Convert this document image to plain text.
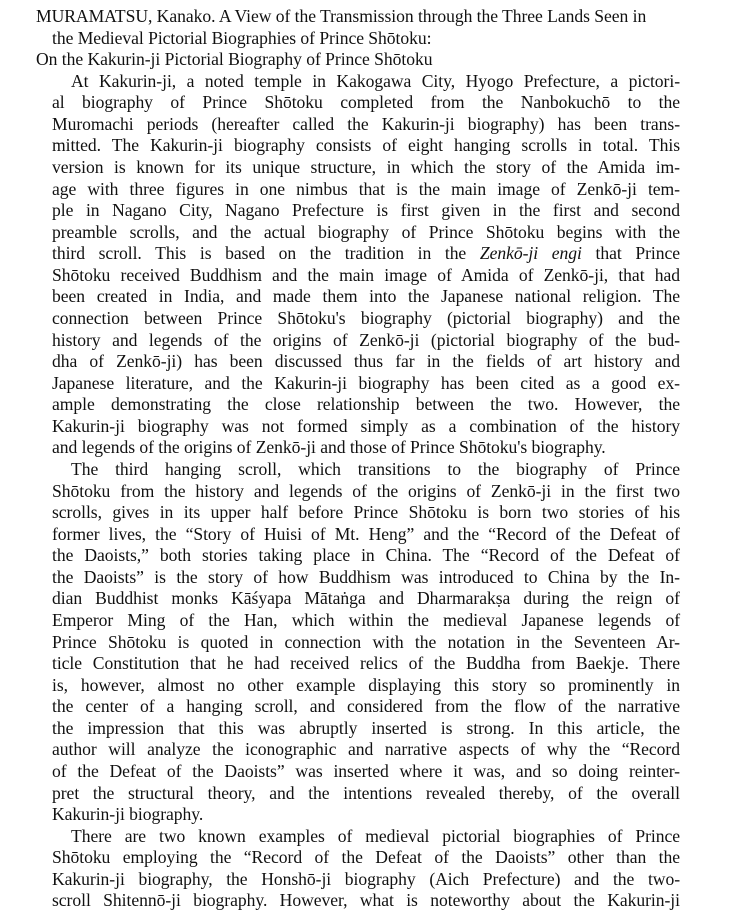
MURAMATSU, Kanako. A View of the Transmission through the Three Lands Seen in
the Medieval Pictorial Biographies of Prince Shōtoku:
On the Kakurin-ji Pictorial Biography of Prince Shōtoku
At Kakurin-ji, a noted temple in Kakogawa City, Hyogo Prefecture, a pictori-
al biography of Prince Shōtoku completed from the Nanbokuchō to the
Muromachi periods (hereafter called the Kakurin-ji biography) has been trans-
mitted. The Kakurin-ji biography consists of eight hanging scrolls in total. This
version is known for its unique structure, in which the story of the Amida im-
age with three figures in one nimbus that is the main image of Zenkō-ji tem-
ple in Nagano City, Nagano Prefecture is first given in the first and second
preamble scrolls, and the actual biography of Prince Shōtoku begins with the
third scroll. This is based on the tradition in the Zenkō-ji engi that Prince
Shōtoku received Buddhism and the main image of Amida of Zenkō-ji, that had
been created in India, and made them into the Japanese national religion. The
connection between Prince Shōtoku's biography (pictorial biography) and the
history and legends of the origins of Zenkō-ji (pictorial biography of the bud-
dha of Zenkō-ji) has been discussed thus far in the fields of art history and
Japanese literature, and the Kakurin-ji biography has been cited as a good ex-
ample demonstrating the close relationship between the two. However, the
Kakurin-ji biography was not formed simply as a combination of the history
and legends of the origins of Zenkō-ji and those of Prince Shōtoku's biography.
The third hanging scroll, which transitions to the biography of Prince
Shōtoku from the history and legends of the origins of Zenkō-ji in the first two
scrolls, gives in its upper half before Prince Shōtoku is born two stories of his
former lives, the “Story of Huisi of Mt. Heng” and the “Record of the Defeat of
the Daoists,” both stories taking place in China. The “Record of the Defeat of
the Daoists” is the story of how Buddhism was introduced to China by the In-
dian Buddhist monks Kāśyapa Mātaṅga and Dharmarakṣa during the reign of
Emperor Ming of the Han, which within the medieval Japanese legends of
Prince Shōtoku is quoted in connection with the notation in the Seventeen Ar-
ticle Constitution that he had received relics of the Buddha from Baekje. There
is, however, almost no other example displaying this story so prominently in
the center of a hanging scroll, and considered from the flow of the narrative
the impression that this was abruptly inserted is strong. In this article, the
author will analyze the iconographic and narrative aspects of why the “Record
of the Defeat of the Daoists” was inserted where it was, and so doing reinter-
pret the structural theory, and the intentions revealed thereby, of the overall
Kakurin-ji biography.
There are two known examples of medieval pictorial biographies of Prince
Shōtoku employing the “Record of the Defeat of the Daoists” other than the
Kakurin-ji biography, the Honshō-ji biography (Aich Prefecture) and the two-
scroll Shitennō-ji biography. However, what is noteworthy about the Kakurin-ji
